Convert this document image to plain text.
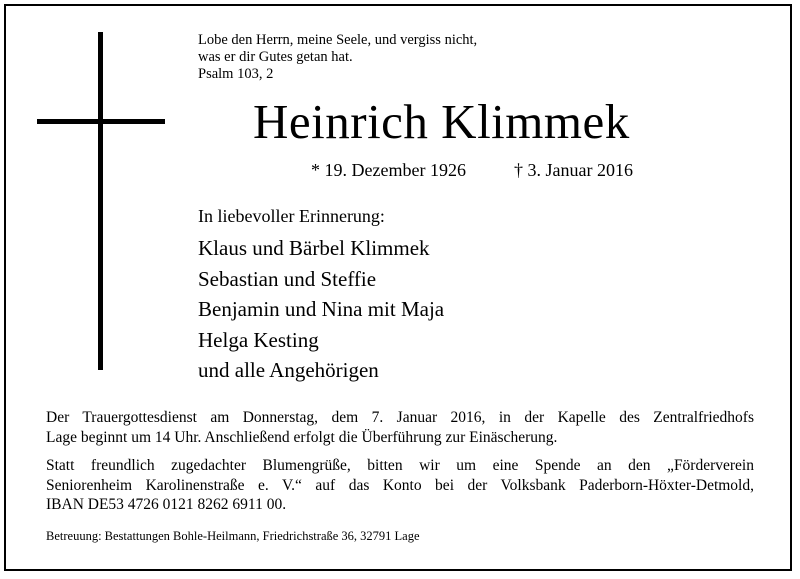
Lobe den Herrn, meine Seele, und vergiss nicht,
was er dir Gutes getan hat.
Psalm 103, 2
Heinrich Klimmek
* 19. Dezember 1926	† 3. Januar 2016
In liebevoller Erinnerung:
Klaus und Bärbel Klimmek
Sebastian und Steffie
Benjamin und Nina mit Maja
Helga Kesting
und alle Angehörigen
Der Trauergottesdienst am Donnerstag, dem 7. Januar 2016, in der Kapelle des Zentralfriedhofs
Lage beginnt um 14 Uhr. Anschließend erfolgt die Überführung zur Einäscherung.
Statt freundlich zugedachter Blumengrüße, bitten wir um eine Spende an den „Förderverein
Seniorenheim Karolinenstraße e. V.“ auf das Konto bei der Volksbank Paderborn-Höxter-Detmold,
IBAN DE53 4726 0121 8262 6911 00.
Betreuung: Bestattungen Bohle-Heilmann, Friedrichstraße 36, 32791 Lage
